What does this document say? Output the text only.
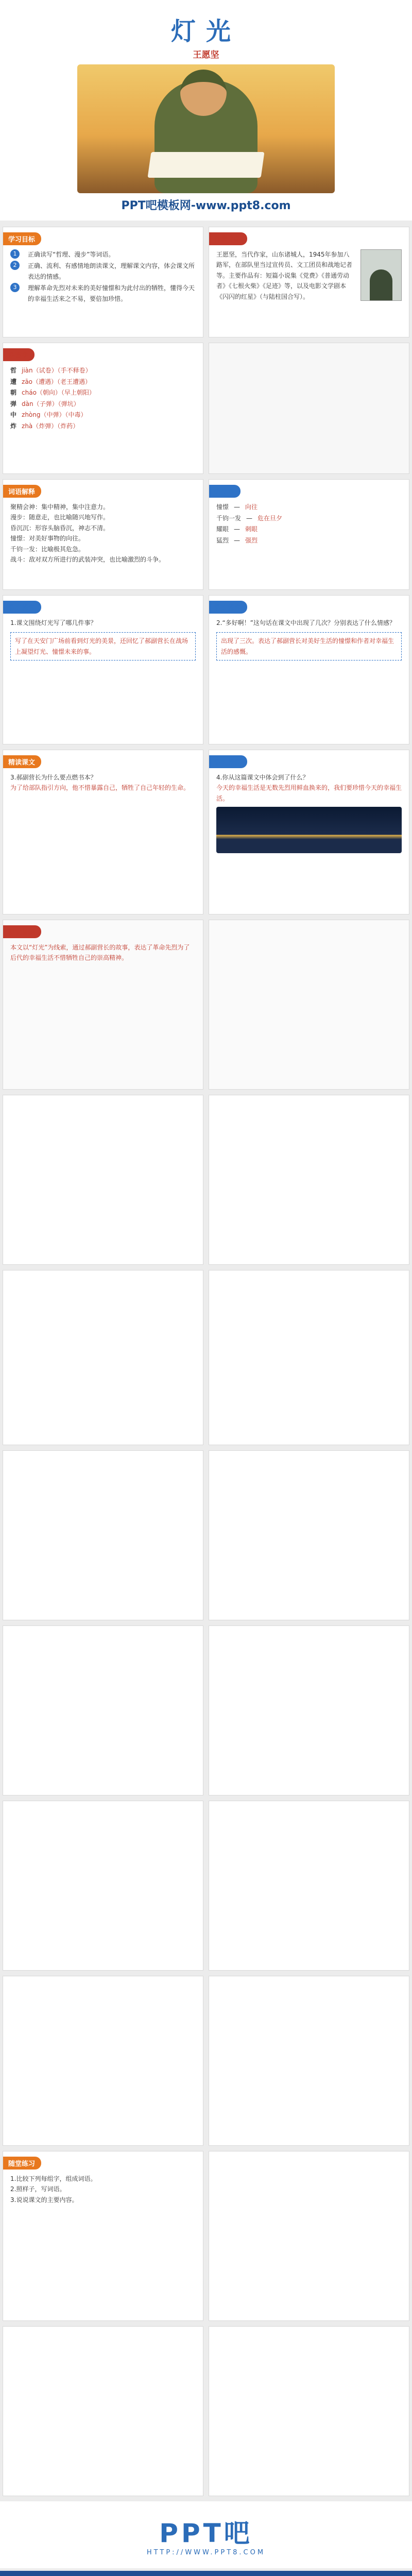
灯光
王愿坚
PPT吧模板网-www.ppt8.com
学习目标
1	正确读写“哲理、漫步”等词语。
2	正确、流利、有感情地朗读课文，理解课文内容，体会课文所表达的情感。
3	理解革命先烈对未来的美好憧憬和为此付出的牺牲，懂得今天的幸福生活来之不易，要倍加珍惜。
作者介绍
王愿坚，当代作家，山东诸城人，1945年参加八路军，在部队里当过宣传员、文工团员和战地记者等。主要作品有：短篇小说集《党费》《普通劳动者》《七根火柴》《足迹》等，以及电影文学剧本《闪闪的红星》（与陆柱国合写）。
多音字
哲 jiàn（试卷）（手不释卷）
遭 zāo（遭遇）（老王遭遇）
朝 cháo（朝向）（早上朝阳）
弹 dàn（子弹）（弹坑）
中 zhòng（中弹）（中毒）
炸 zhà（炸弹）（炸药）
词语解释
聚精会神：集中精神，集中注意力。
漫步：随意走，也比喻随兴地写作。
昏沉沉：形容头脑昏沉，神志不清。
憧憬：对美好事物的向往。
千钧一发：比喻极其危急。
战斗：敌对双方所进行的武装冲突，也比喻激烈的斗争。
近义词
憧憬 — 向往
千钧一发 — 危在旦夕
耀眼 — 刺眼
猛烈 — 强烈
课文探究
1.课文围绕灯光写了哪几件事？
写了在天安门广场前看到灯光的美景，还回忆了郝副营长在战场上凝望灯光、憧憬未来的事。
课文探究
2.“多好啊！”这句话在课文中出现了几次？分别表达了什么情感？
出现了三次。表达了郝副营长对美好生活的憧憬和作者对幸福生活的感慨。
精读课文
3.郝副营长为什么要点燃书本？
为了给部队指引方向，他不惜暴露自己，牺牲了自己年轻的生命。
课文探究
4.你从这篇课文中体会到了什么？
今天的幸福生活是无数先烈用鲜血换来的，我们要珍惜今天的幸福生活。
课文总结
本文以“灯光”为线索，通过郝副营长的故事，表达了革命先烈为了后代的幸福生活不惜牺牲自己的崇高精神。
随堂练习
1.比较下列每组字，组成词语。
2.照样子，写词语。
3.说说课文的主要内容。
PPT吧
HTTP://WWW.PPT8.COM
